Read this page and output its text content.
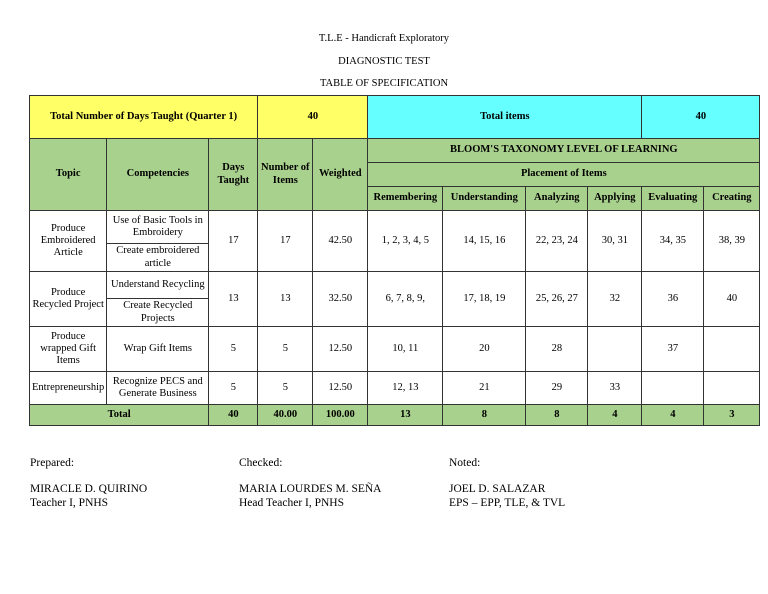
T.L.E - Handicraft Exploratory
DIAGNOSTIC TEST
TABLE OF SPECIFICATION
Total Number of Days Taught (Quarter 1)			40		Total items				40	
Topic	Competencies	Days Taught	Number of Items	Weighted	BLOOM'S TAXONOMY LEVEL OF LEARNING					
					Placement of Items					
					Remembering	Understanding	Analyzing	Applying	Evaluating	Creating
Produce Embroidered Article	Use of Basic Tools in Embroidery	17	17	42.50	1, 2, 3, 4, 5	14, 15, 16	22, 23, 24	30, 31	34, 35	38, 39
	Create embroidered article									
Produce Recycled Project	Understand Recycling	13	13	32.50	6, 7, 8, 9,	17, 18, 19	25, 26, 27	32	36	40
	Create Recycled Projects									
Produce wrapped Gift Items	Wrap Gift Items	5	5	12.50	10, 11	20	28		37	
Entrepreneurship	Recognize PECS and Generate Business	5	5	12.50	12, 13	21	29	33		
Total		40	40.00	100.00	13	8	8	4	4	3
Prepared:
MIRACLE D. QUIRINO
Teacher I, PNHS
Checked:
MARIA LOURDES M. SEÑA
Head Teacher I, PNHS
Noted:
JOEL D. SALAZAR
EPS – EPP, TLE, & TVL
